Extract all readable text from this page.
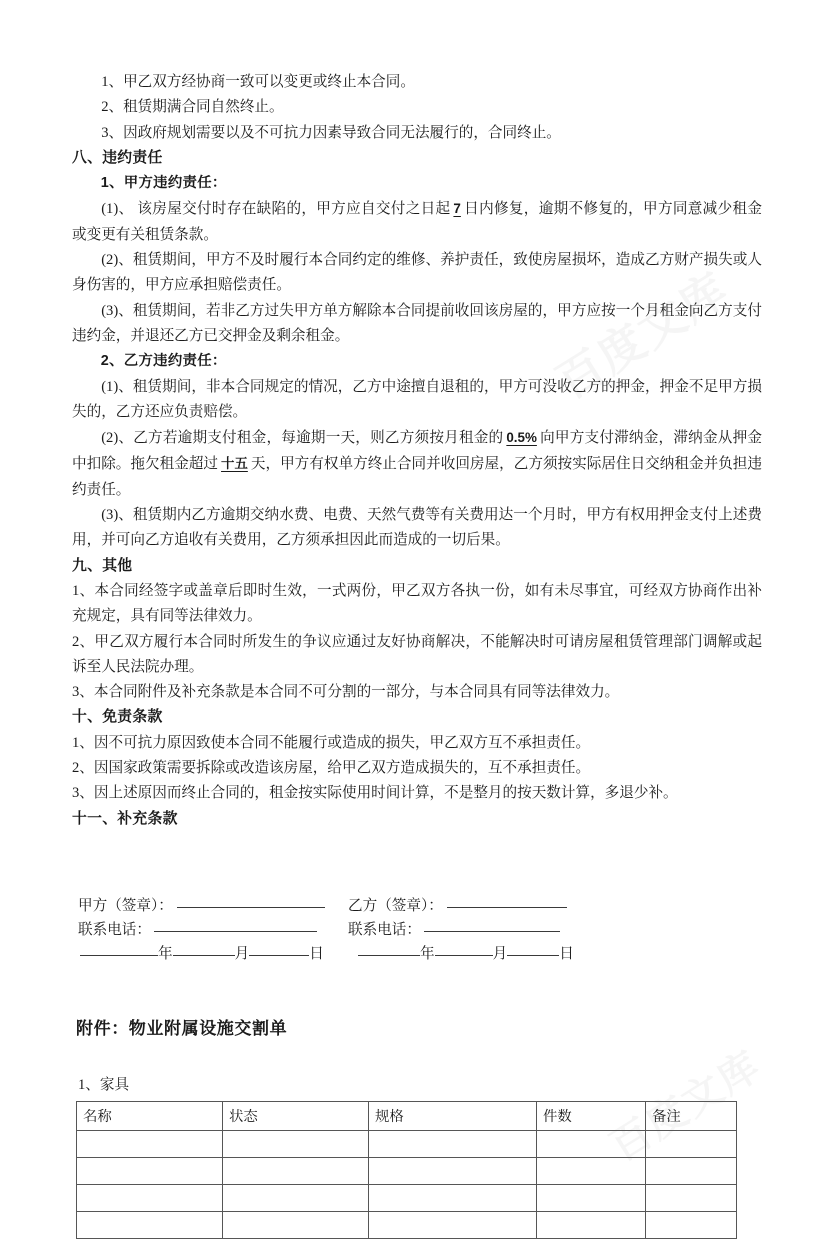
1、甲乙双方经协商一致可以变更或终止本合同。

2、租赁期满合同自然终止。

3、因政府规划需要以及不可抗力因素导致合同无法履行的，合同终止。

八、违约责任

1、甲方违约责任：

(1)、 该房屋交付时存在缺陷的，甲方应自交付之日起 7 日内修复，逾期不修复的，甲方同意减少租金或变更有关租赁条款。

(2)、租赁期间，甲方不及时履行本合同约定的维修、养护责任，致使房屋损坏，造成乙方财产损失或人身伤害的，甲方应承担赔偿责任。

(3)、租赁期间，若非乙方过失甲方单方解除本合同提前收回该房屋的，甲方应按一个月租金向乙方支付违约金，并退还乙方已交押金及剩余租金。

2、乙方违约责任：

(1)、租赁期间，非本合同规定的情况，乙方中途擅自退租的，甲方可没收乙方的押金，押金不足甲方损失的，乙方还应负责赔偿。

(2)、乙方若逾期支付租金，每逾期一天，则乙方须按月租金的 0.5% 向甲方支付滞纳金，滞纳金从押金中扣除。拖欠租金超过 十五 天，甲方有权单方终止合同并收回房屋，乙方须按实际居住日交纳租金并负担违约责任。

(3)、租赁期内乙方逾期交纳水费、电费、天然气费等有关费用达一个月时，甲方有权用押金支付上述费用，并可向乙方追收有关费用，乙方须承担因此而造成的一切后果。

九、其他

1、本合同经签字或盖章后即时生效，一式两份，甲乙双方各执一份，如有未尽事宜，可经双方协商作出补充规定，具有同等法律效力。

2、甲乙双方履行本合同时所发生的争议应通过友好协商解决，不能解决时可请房屋租赁管理部门调解或起诉至人民法院办理。

3、本合同附件及补充条款是本合同不可分割的一部分，与本合同具有同等法律效力。

十、免责条款

1、因不可抗力原因致使本合同不能履行或造成的损失，甲乙双方互不承担责任。

2、因国家政策需要拆除或改造该房屋，给甲乙双方造成损失的，互不承担责任。

3、因上述原因而终止合同的，租金按实际使用时间计算，不是整月的按天数计算，多退少补。

十一、补充条款

甲方（签章）：	乙方（签章）：
联系电话：	联系电话：
年	月	日	年	月	日
附件：物业附属设施交割单
1、家具
名称	状态	规格	件数	备注
